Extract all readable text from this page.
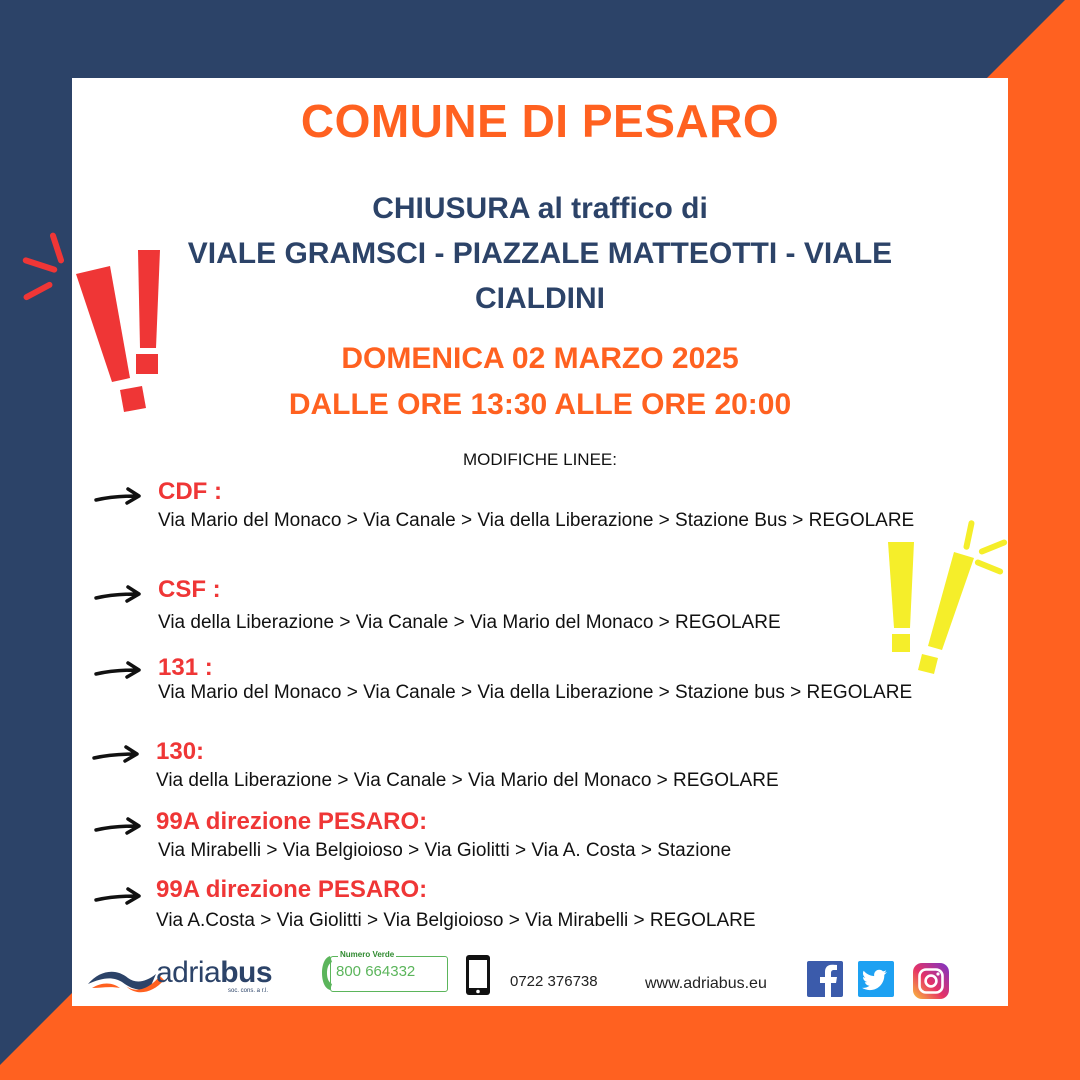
COMUNE DI PESARO
CHIUSURA al traffico di
VIALE GRAMSCI - PIAZZALE MATTEOTTI - VIALE CIALDINI
DOMENICA 02 MARZO 2025
DALLE ORE 13:30 ALLE ORE 20:00
MODIFICHE LINEE:
CDF :
Via Mario del Monaco > Via Canale > Via della Liberazione > Stazione Bus > REGOLARE
CSF :
Via della Liberazione > Via Canale > Via Mario del Monaco > REGOLARE
131 :
Via Mario del Monaco > Via Canale > Via della Liberazione > Stazione bus > REGOLARE
130:
Via della Liberazione > Via Canale > Via Mario del Monaco > REGOLARE
99A direzione PESARO:
Via Mirabelli > Via Belgioioso > Via Giolitti > Via A. Costa > Stazione
99A direzione PESARO:
Via A.Costa > Via Giolitti > Via Belgioioso > Via Mirabelli > REGOLARE
adriabus
soc. cons. a r.l.
Numero Verde
800 664332
0722 376738	www.adriabus.eu
